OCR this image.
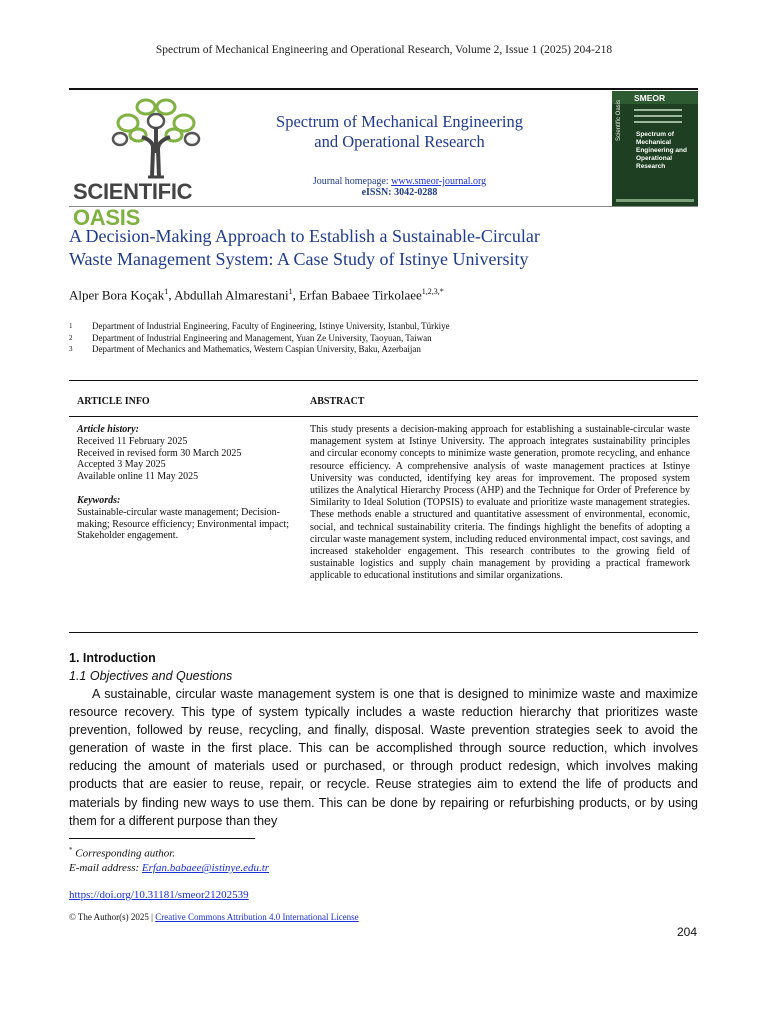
Spectrum of Mechanical Engineering and Operational Research, Volume 2, Issue 1 (2025) 204-218
SCIENTIFIC OASIS
Spectrum of Mechanical Engineering
and Operational Research
Journal homepage: www.smeor-journal.org
eISSN: 3042-0288
SMEOR
Scientific Oasis Spectrum of Mechanical Engineering and Operational Research
A Decision-Making Approach to Establish a Sustainable-Circular
Waste Management System: A Case Study of Istinye University
Alper Bora Koçak$^1$, Abdullah Almarestani$^1$, Erfan Babaee Tirkolaee$^{1,2,3,*}$
1	Department of Industrial Engineering, Faculty of Engineering, Istinye University, Istanbul, Türkiye
2	Department of Industrial Engineering and Management, Yuan Ze University, Taoyuan, Taiwan
3	Department of Mechanics and Mathematics, Western Caspian University, Baku, Azerbaijan
ARTICLE INFO	ABSTRACT
Article history:
Received 11 February 2025
Received in revised form 30 March 2025
Accepted 3 May 2025
Available online 11 May 2025
Keywords:
Sustainable-circular waste management; Decision-making; Resource efficiency; Environmental impact; Stakeholder engagement.
This study presents a decision-making approach for establishing a sustainable-circular waste management system at Istinye University. The approach integrates sustainability principles and circular economy concepts to minimize waste generation, promote recycling, and enhance resource efficiency. A comprehensive analysis of waste management practices at Istinye University was conducted, identifying key areas for improvement. The proposed system utilizes the Analytical Hierarchy Process (AHP) and the Technique for Order of Preference by Similarity to Ideal Solution (TOPSIS) to evaluate and prioritize waste management strategies. These methods enable a structured and quantitative assessment of environmental, economic, social, and technical sustainability criteria. The findings highlight the benefits of adopting a circular waste management system, including reduced environmental impact, cost savings, and increased stakeholder engagement. This research contributes to the growing field of sustainable logistics and supply chain management by providing a practical framework applicable to educational institutions and similar organizations.
1. Introduction
1.1 Objectives and Questions
A sustainable, circular waste management system is one that is designed to minimize waste and maximize resource recovery. This type of system typically includes a waste reduction hierarchy that prioritizes waste prevention, followed by reuse, recycling, and finally, disposal. Waste prevention strategies seek to avoid the generation of waste in the first place. This can be accomplished through source reduction, which involves reducing the amount of materials used or purchased, or through product redesign, which involves making products that are easier to reuse, repair, or recycle. Reuse strategies aim to extend the life of products and materials by finding new ways to use them. This can be done by repairing or refurbishing products, or by using them for a different purpose than they
* Corresponding author.
E-mail address: Erfan.babaee@istinye.edu.tr
https://doi.org/10.31181/smeor21202539
© The Author(s) 2025 | Creative Commons Attribution 4.0 International License
204
